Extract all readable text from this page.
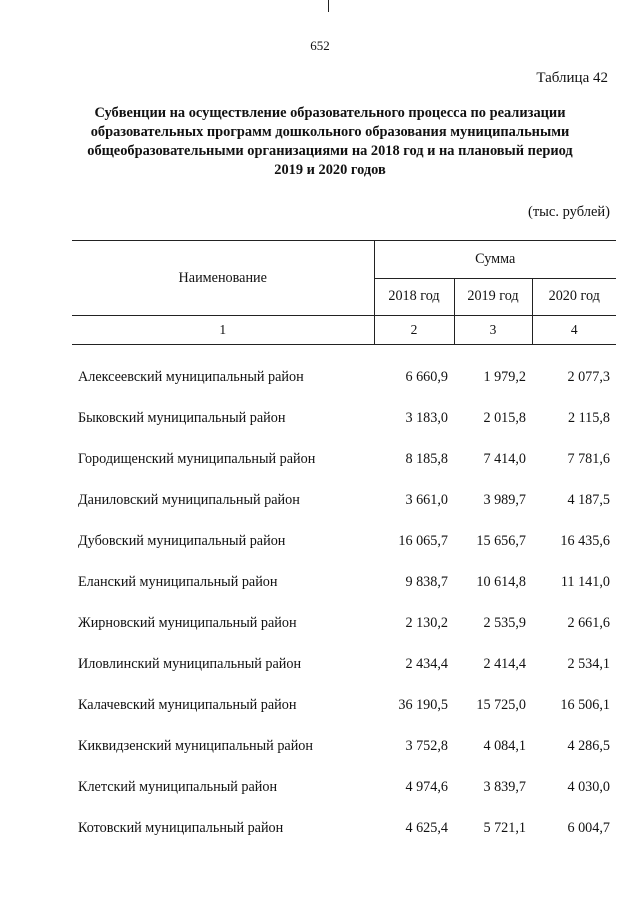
652
Таблица 42
Субвенции на осуществление образовательного процесса по реализации
образовательных программ дошкольного образования муниципальными
общеобразовательными организациями на 2018 год и на плановый период
2019 и 2020 годов
(тыс. рублей)
Наименование	Сумма		
	2018 год	2019 год	2020 год
1	2	3	4

Алексеевский муниципальный район	6 660,9	1 979,2	2 077,3
Быковский муниципальный район	3 183,0	2 015,8	2 115,8
Городищенский муниципальный район	8 185,8	7 414,0	7 781,6
Даниловский муниципальный район	3 661,0	3 989,7	4 187,5
Дубовский муниципальный район	16 065,7	15 656,7	16 435,6
Еланский муниципальный район	9 838,7	10 614,8	11 141,0
Жирновский муниципальный район	2 130,2	2 535,9	2 661,6
Иловлинский муниципальный район	2 434,4	2 414,4	2 534,1
Калачевский муниципальный район	36 190,5	15 725,0	16 506,1
Киквидзенский муниципальный район	3 752,8	4 084,1	4 286,5
Клетский муниципальный район	4 974,6	3 839,7	4 030,0
Котовский муниципальный район	4 625,4	5 721,1	6 004,7
